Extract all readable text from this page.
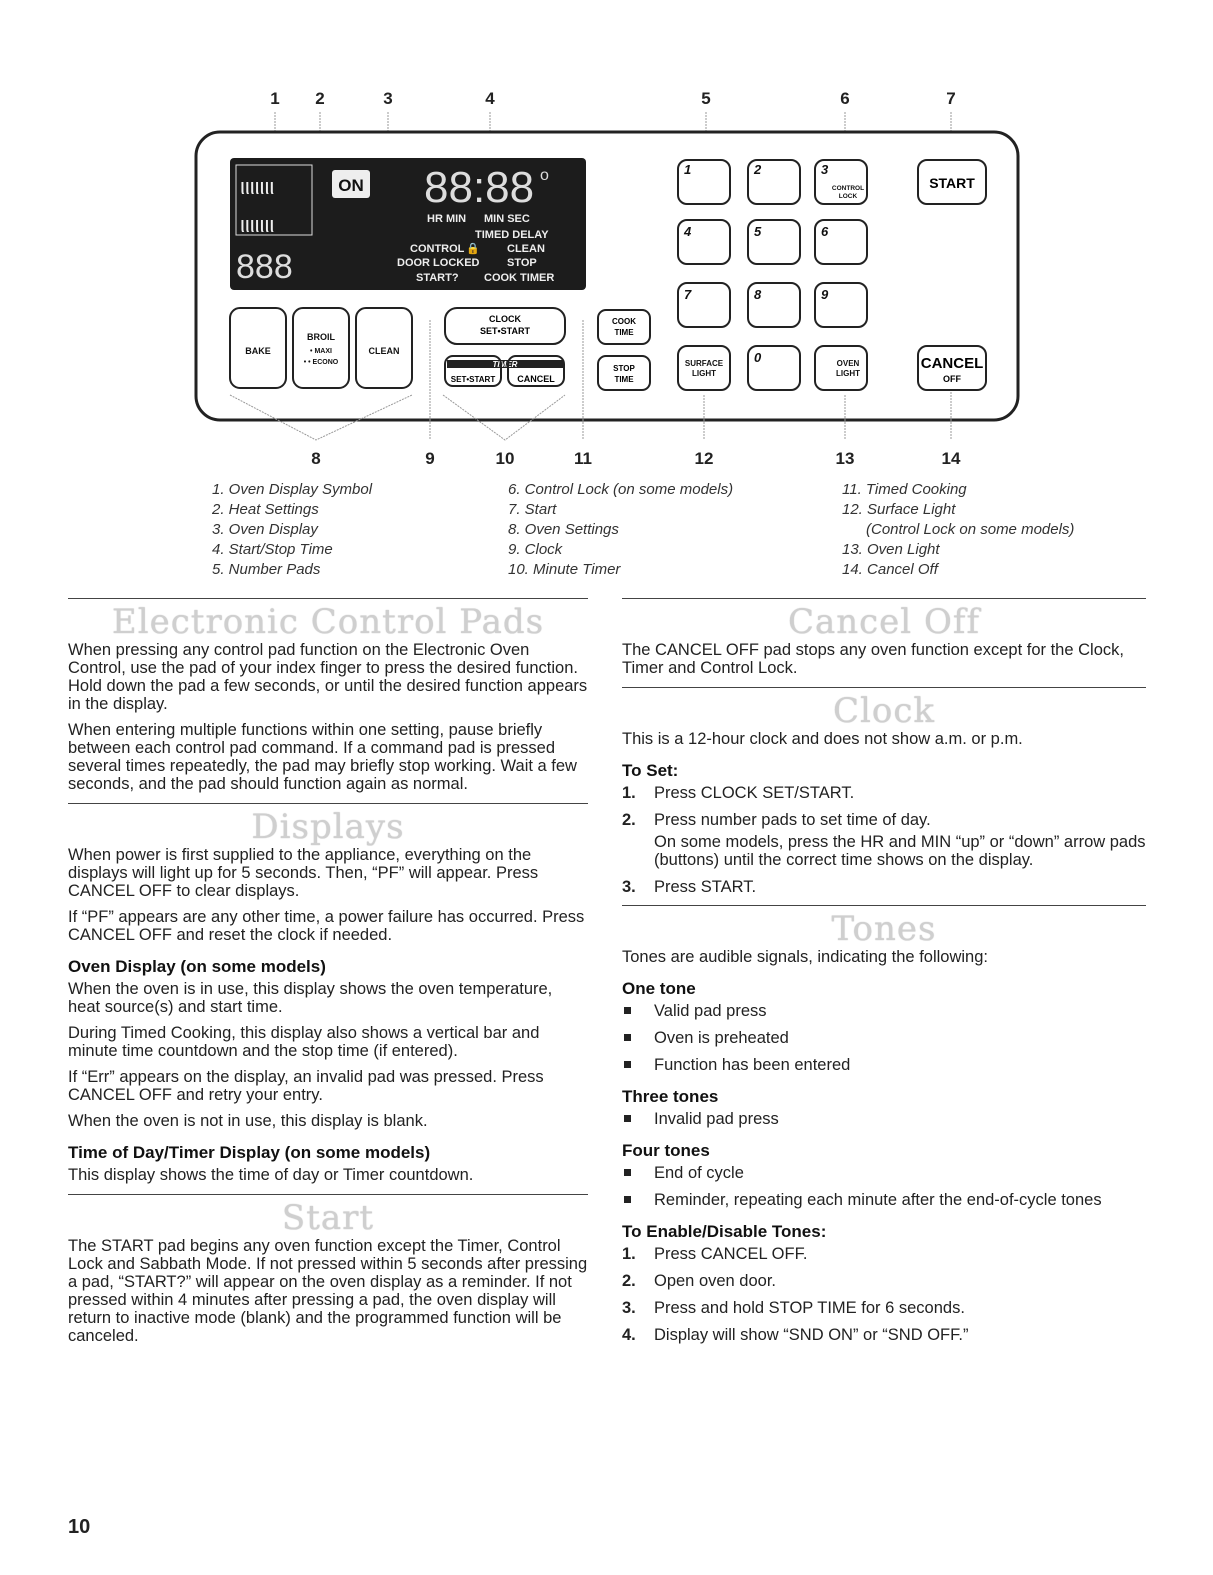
1 2	3	4	5	6	7
ιιιιιιι
ιιιιιιι
888
ON 88:88 o
HR MIN MIN SEC
TIMED DELAY
CONTROL 🔒 CLEAN
DOOR LOCKED	STOP
START? COOK TIMER
BAKE
BROIL
• MAXI
• • ECONO
CLEAN
CLOCK
SET•START
TIMER
SET•START CANCEL
COOK
TIME
STOP
TIME
1	2	3
4	5	6
7	8	9
0
CONTROL
LOCK
SURFACE
LIGHT
OVEN
LIGHT
START
CANCEL
OFF
8	9	10	11	12	13	14
1. Oven Display Symbol
2. Heat Settings
3. Oven Display
4. Start/Stop Time
5. Number Pads
6. Control Lock (on some models)
7. Start
8. Oven Settings
9. Clock
10. Minute Timer
11. Timed Cooking
12. Surface Light
(Control Lock on some models)
13. Oven Light
14. Cancel Off
Electronic Control Pads

When pressing any control pad function on the Electronic Oven Control, use the pad of your index finger to press the desired function. Hold down the pad a few seconds, or until the desired function appears in the display.

When entering multiple functions within one setting, pause briefly between each control pad command. If a command pad is pressed several times repeatedly, the pad may briefly stop working. Wait a few seconds, and the pad should function again as normal.

Displays

When power is first supplied to the appliance, everything on the displays will light up for 5 seconds. Then, “PF” will appear. Press CANCEL OFF to clear displays.

If “PF” appears are any other time, a power failure has occurred. Press CANCEL OFF and reset the clock if needed.

Oven Display (on some models)

When the oven is in use, this display shows the oven temperature, heat source(s) and start time.

During Timed Cooking, this display also shows a vertical bar and minute time countdown and the stop time (if entered).

If “Err” appears on the display, an invalid pad was pressed. Press CANCEL OFF and retry your entry.

When the oven is not in use, this display is blank.

Time of Day/Timer Display (on some models)

This display shows the time of day or Timer countdown.

Start

The START pad begins any oven function except the Timer, Control Lock and Sabbath Mode. If not pressed within 5 seconds after pressing a pad, “START?” will appear on the oven display as a reminder. If not pressed within 4 minutes after pressing a pad, the oven display will return to inactive mode (blank) and the programmed function will be canceled.

Cancel Off

The CANCEL OFF pad stops any oven function except for the Clock, Timer and Control Lock.

Clock

This is a 12-hour clock and does not show a.m. or p.m.

To Set:
1. Press CLOCK SET/START.
2. Press number pads to set time of day.
On some models, press the HR and MIN “up” or “down” arrow pads (buttons) until the correct time shows on the display.
3. Press START.
Tones

Tones are audible signals, indicating the following:

One tone
Valid pad press
Oven is preheated
Function has been entered
Three tones
Invalid pad press
Four tones
End of cycle
Reminder, repeating each minute after the end-of-cycle tones
To Enable/Disable Tones:
1. Press CANCEL OFF.
2. Open oven door.
3. Press and hold STOP TIME for 6 seconds.
4. Display will show “SND ON” or “SND OFF.”
10
